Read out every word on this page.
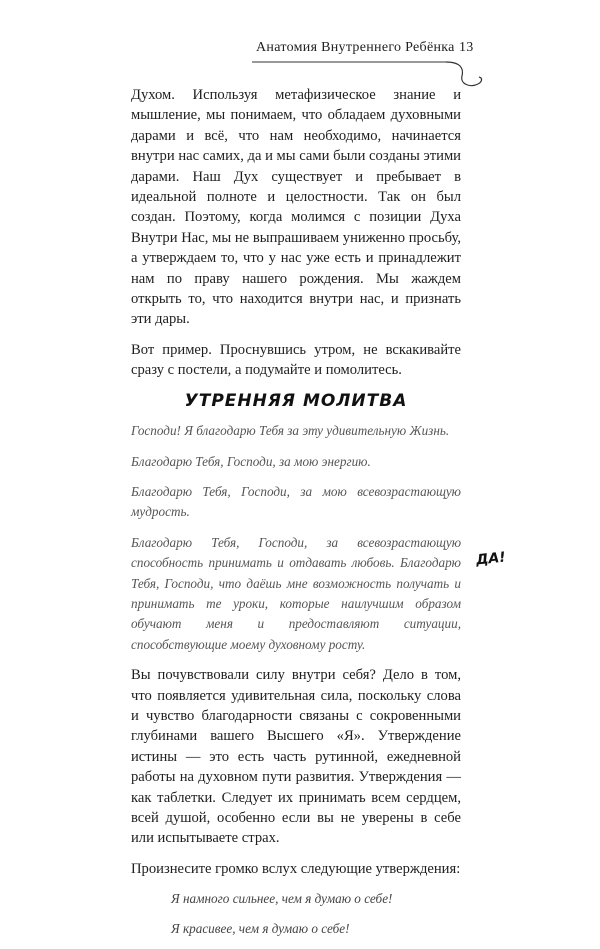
Анатомия Внутреннего Ребёнка 13

Духом. Используя метафизическое знание и мышление, мы понимаем, что обладаем духовными дарами и всё, что нам необходимо, начинается внутри нас самих, да и мы сами были созданы этими дарами. Наш Дух существует и пребывает в идеальной полноте и целостности. Так он был создан. Поэтому, когда молимся с позиции Духа Внутри Нас, мы не выпрашиваем униженно просьбу, а утверждаем то, что у нас уже есть и принадлежит нам по праву нашего рождения. Мы жаждем открыть то, что находится внутри нас, и признать эти дары.

Вот пример. Проснувшись утром, не вскакивайте сразу с постели, а подумайте и помолитесь.

УТРЕННЯЯ МОЛИТВА

Господи! Я благодарю Тебя за эту удивительную Жизнь.

Благодарю Тебя, Господи, за мою энергию.

Благодарю Тебя, Господи, за мою всевозрастающую мудрость.

Благодарю Тебя, Господи, за всевозрастающую способность принимать и отдавать любовь. Благодарю Тебя, Господи, что даёшь мне возможность получать и принимать те уроки, которые наилучшим образом обучают меня и предоставляют ситуации, способствующие моему духовному росту.

Вы почувствовали силу внутри себя? Дело в том, что появляется удивительная сила, поскольку слова и чувство благодарности связаны с сокровенными глубинами вашего Высшего «Я». Утверждение истины — это есть часть рутинной, ежедневной работы на духовном пути развития. Утверждения — как таблетки. Следует их принимать всем сердцем, всей душой, особенно если вы не уверены в себе или испытываете страх.

Произнесите громко вслух следующие утверждения:

Я намного сильнее, чем я думаю о себе!

Я красивее, чем я думаю о себе!

ДА!
